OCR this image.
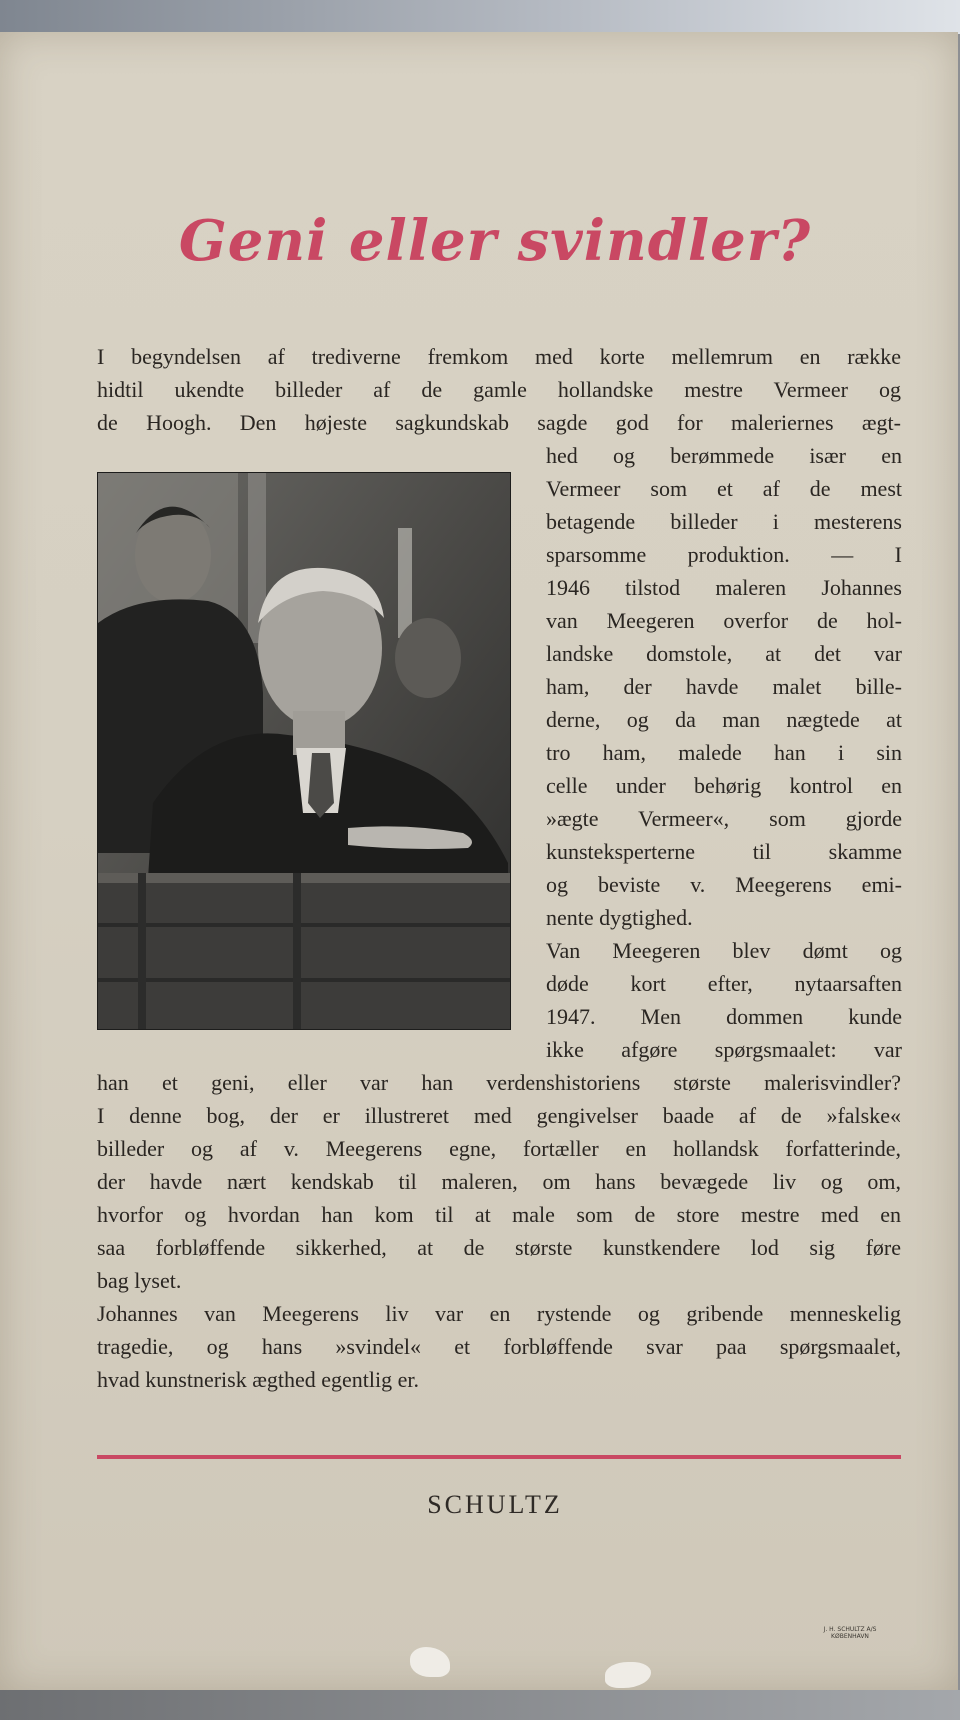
Geni eller svindler?

I begyndelsen af trediverne fremkom med korte mellemrum en række

hidtil ukendte billeder af de gamle hollandske mestre Vermeer og

de Hoogh. Den højeste sagkundskab sagde god for maleriernes ægt-

hed og berømmede især en

Vermeer som et af de mest

betagende billeder i mesterens

sparsomme produktion. — I

1946 tilstod maleren Johannes

van Meegeren overfor de hol-

landske domstole, at det var

ham, der havde malet bille-

derne, og da man nægtede at

tro ham, malede han i sin

celle under behørig kontrol en

»ægte Vermeer«, som gjorde

kunsteksperterne til skamme

og beviste v. Meegerens emi-

nente dygtighed.

Van Meegeren blev dømt og

døde kort efter, nytaarsaften

1947. Men dommen kunde

ikke afgøre spørgsmaalet: var

han et geni, eller var han verdenshistoriens største malerisvindler?

I denne bog, der er illustreret med gengivelser baade af de »falske«

billeder og af v. Meegerens egne, fortæller en hollandsk forfatterinde,

der havde nært kendskab til maleren, om hans bevægede liv og om,

hvorfor og hvordan han kom til at male som de store mestre med en

saa forbløffende sikkerhed, at de største kunstkendere lod sig føre

bag lyset.

Johannes van Meegerens liv var en rystende og gribende menneskelig

tragedie, og hans »svindel« et forbløffende svar paa spørgsmaalet,

hvad kunstnerisk ægthed egentlig er.

SCHULTZ

J. H. SCHULTZ A/S
KØBENHAVN
